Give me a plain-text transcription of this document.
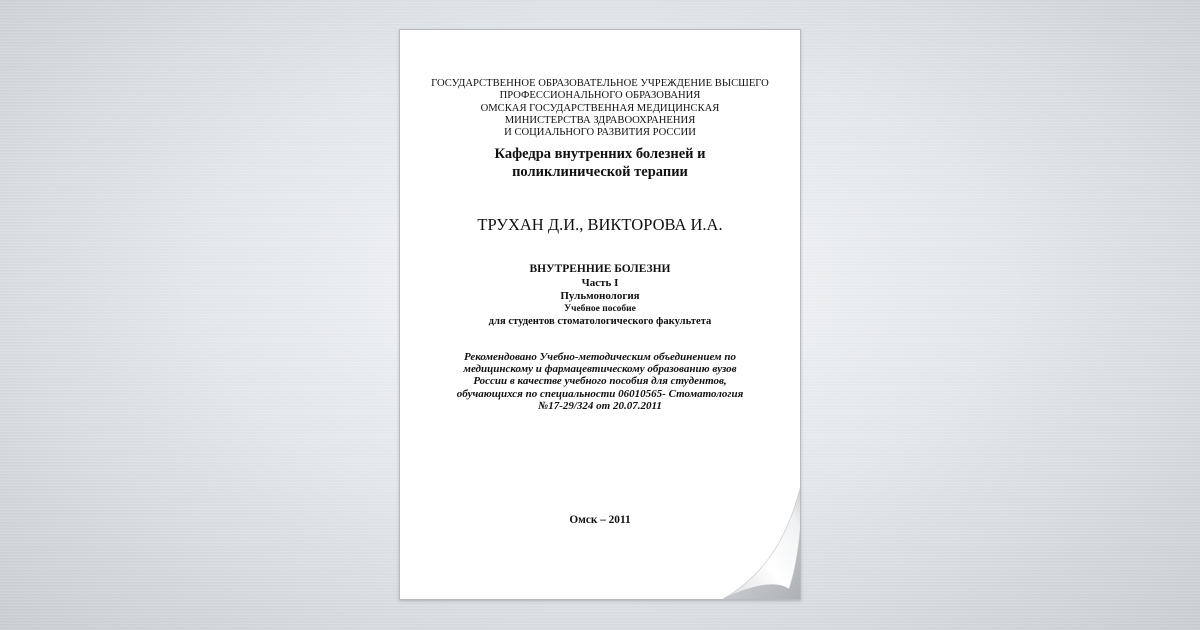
ГОСУДАРСТВЕННОЕ ОБРАЗОВАТЕЛЬНОЕ УЧРЕЖДЕНИЕ ВЫСШЕГО
ПРОФЕССИОНАЛЬНОГО ОБРАЗОВАНИЯ
ОМСКАЯ ГОСУДАРСТВЕННАЯ МЕДИЦИНСКАЯ
МИНИСТЕРСТВА ЗДРАВООХРАНЕНИЯ
И СОЦИАЛЬНОГО РАЗВИТИЯ РОССИИ
Кафедра внутренних болезней и
поликлинической терапии
ТРУХАН Д.И., ВИКТОРОВА И.А.
ВНУТРЕННИЕ БОЛЕЗНИ
Часть I
Пульмонология
Учебное пособие
для студентов стоматологического факультета
Рекомендовано Учебно-методическим объединением по
медицинскому и фармацевтическому образованию вузов
России в качестве учебного пособия для студентов,
обучающихся по специальности 06010565- Стоматология
№17-29/324 от 20.07.2011
Омск – 2011
